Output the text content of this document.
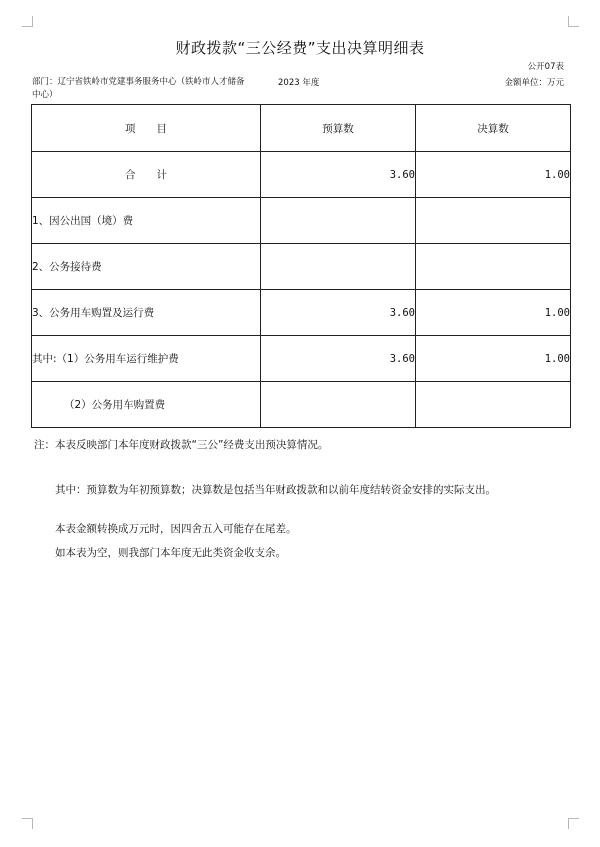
财政拨款“三公经费”支出决算明细表
公开07表
部门：辽宁省铁岭市党建事务服务中心（铁岭市人才储备中心）
2023 年度	金额单位：万元
项　　目	预算数	决算数
合　　计	3.60	1.00
1、因公出国（境）费		
2、公务接待费		
3、公务用车购置及运行费	3.60	1.00
其中:（1）公务用车运行维护费	3.60	1.00
（2）公务用车购置费		

注：本表反映部门本年度财政拨款“三公”经费支出预决算情况。

其中：预算数为年初预算数；决算数是包括当年财政拨款和以前年度结转资金安排的实际支出。

本表金额转换成万元时，因四舍五入可能存在尾差。

如本表为空，则我部门本年度无此类资金收支余。
